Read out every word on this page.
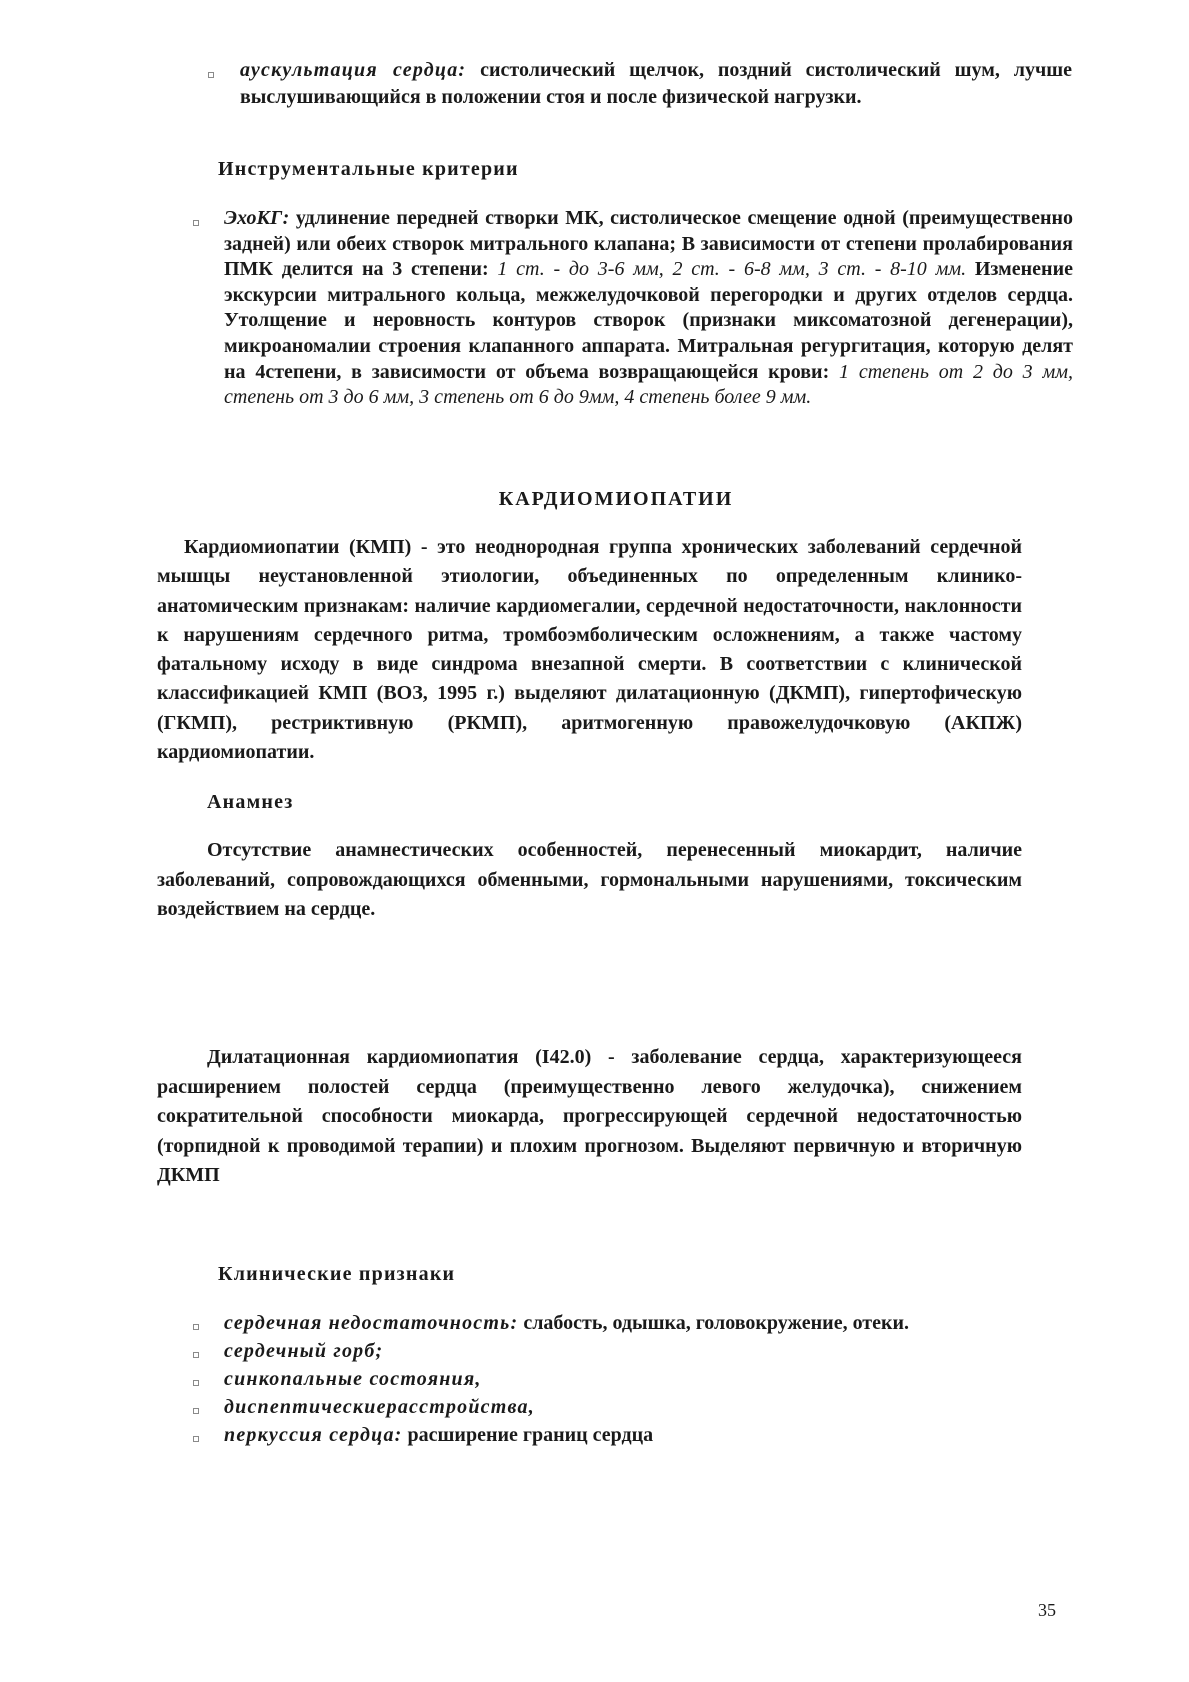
аускультация сердца: систолический щелчок, поздний систолический шум, лучше выслушивающийся в положении стоя и после физической нагрузки.
Инструментальные критерии
ЭхоКГ: удлинение передней створки МК, систолическое смещение одной (преимущественно задней) или обеих створок митрального клапана; В зависимости от степени пролабирования ПМК делится на 3 степени: 1 ст. - до 3-6 мм, 2 ст. - 6-8 мм, 3 ст. - 8-10 мм. Изменение экскурсии митрального кольца, межжелудочковой перегородки и других отделов сердца. Утолщение и неровность контуров створок (признаки миксоматозной дегенерации), микроаномалии строения клапанного аппарата. Митральная регургитация, которую делят на 4степени, в зависимости от объема возвращающейся крови: 1 степень от 2 до 3 мм, степень от 3 до 6 мм, 3 степень от 6 до 9мм, 4 степень более 9 мм.
КАРДИОМИОПАТИИ
Кардиомиопатии (КМП) - это неоднородная группа хронических заболеваний сердечной мышцы неустановленной этиологии, объединенных по определенным клинико-анатомическим признакам: наличие кардиомегалии, сердечной недостаточности, наклонности к нарушениям сердечного ритма, тромбоэмболическим осложнениям, а также частому фатальному исходу в виде синдрома внезапной смерти. В соответствии с клинической классификацией КМП (ВОЗ, 1995 г.) выделяют дилатационную (ДКМП), гипертофическую (ГКМП), рестриктивную (РКМП), аритмогенную правожелудочковую (АКПЖ) кардиомиопатии.
Анамнез
Отсутствие анамнестических особенностей, перенесенный миокардит, наличие заболеваний, сопровождающихся обменными, гормональными нарушениями, токсическим воздействием на сердце.
Дилатационная кардиомиопатия (I42.0) - заболевание сердца, характеризующееся расширением полостей сердца (преимущественно левого желудочка), снижением сократительной способности миокарда, прогрессирующей сердечной недостаточностью (торпидной к проводимой терапии) и плохим прогнозом. Выделяют первичную и вторичную ДКМП
Клинические признаки
сердечная недостаточность: слабость, одышка, головокружение, отеки.
сердечный горб;
синкопальные состояния,
диспептическиерасстройства,
перкуссия сердца: расширение границ сердца
35
